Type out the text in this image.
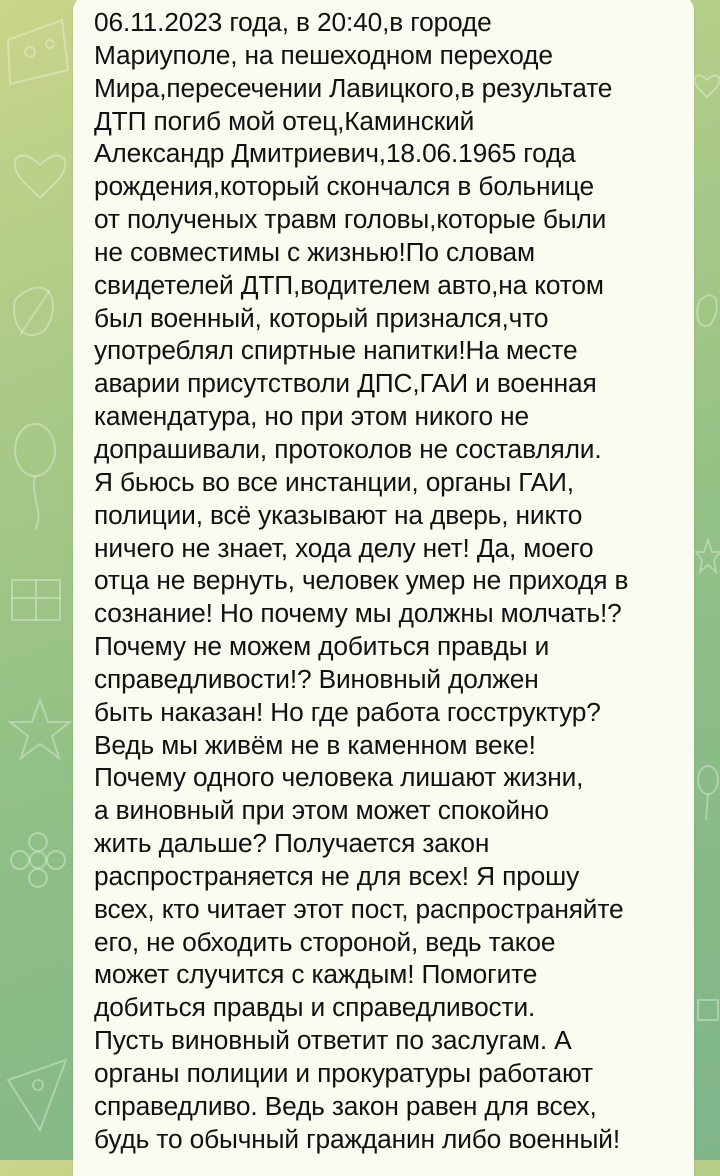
06.11.2023 года, в 20:40,в городе
Мариуполе, на пешеходном переходе
Мира,пересечении Лавицкого,в результате
ДТП погиб мой отец,Каминский
Александр Дмитриевич,18.06.1965 года
рождения,который скончался в больнице
от полученых травм головы,которые были
не совместимы с жизнью!По словам
свидетелей ДТП,водителем авто,на котом
был военный, который признался,что
употреблял спиртные напитки!На месте
аварии присутстволи ДПС,ГАИ и военная
камендатура, но при этом никого не
допрашивали, протоколов не составляли.
Я бьюсь во все инстанции, органы ГАИ,
полиции, всё указывают на дверь, никто
ничего не знает, хода делу нет! Да, моего
отца не вернуть, человек умер не приходя в
сознание! Но почему мы должны молчать!?
Почему не можем добиться правды и
справедливости!? Виновный должен
быть наказан! Но где работа госструктур?
Ведь мы живём не в каменном веке!
Почему одного человека лишают жизни,
а виновный при этом может спокойно
жить дальше? Получается закон
распространяется не для всех! Я прошу
всех, кто читает этот пост, распространяйте
его, не обходить стороной, ведь такое
может случится с каждым! Помогите
добиться правды и справедливости.
Пусть виновный ответит по заслугам. А
органы полиции и прокуратуры работают
справедливо. Ведь закон равен для всех,
будь то обычный гражданин либо военный!
